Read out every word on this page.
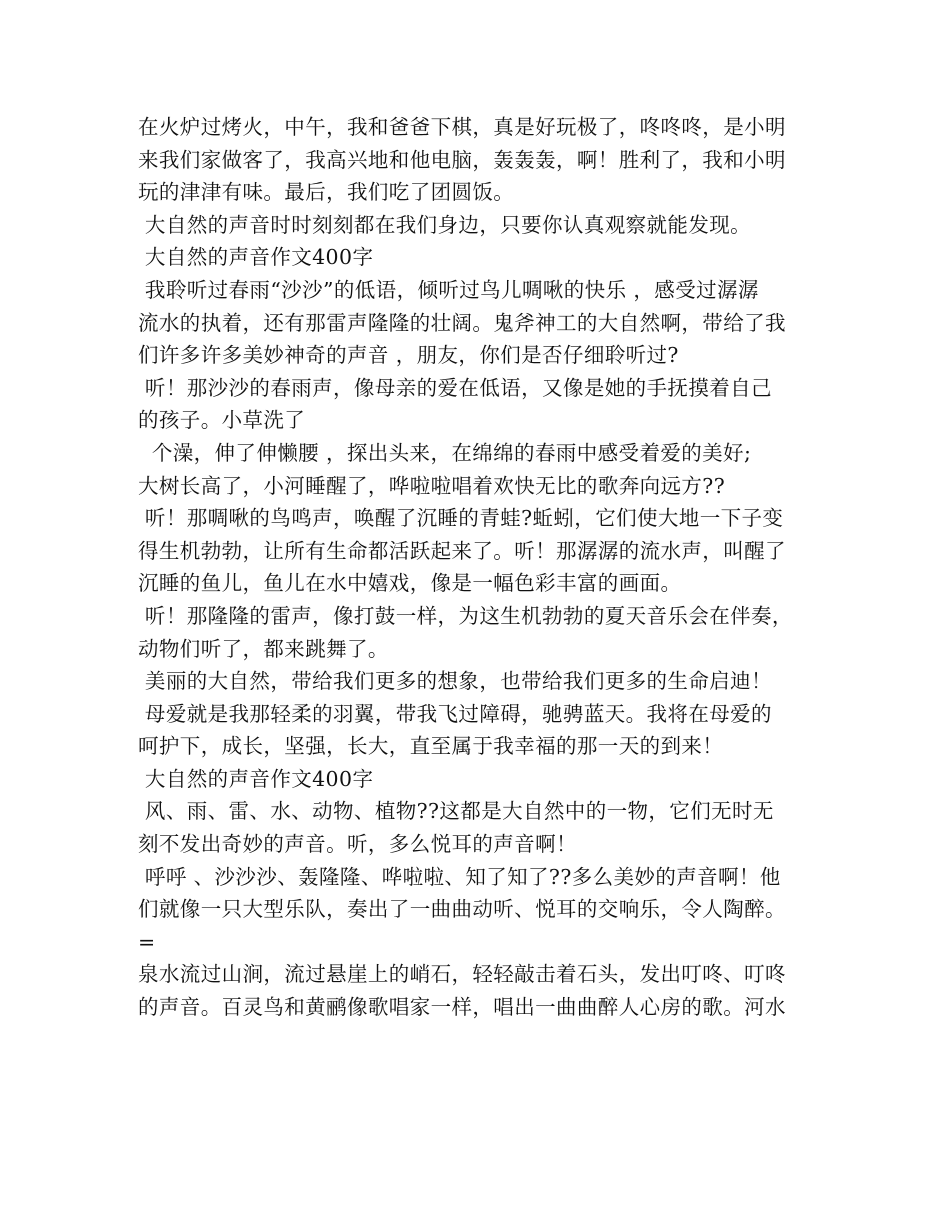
在火炉过烤火，中午，我和爸爸下棋，真是好玩极了，咚咚咚，是小明
来我们家做客了，我高兴地和他电脑，轰轰轰，啊！胜利了，我和小明
玩的津津有味。最后，我们吃了团圆饭。
大自然的声音时时刻刻都在我们身边，只要你认真观察就能发现。
大自然的声音作文400字
我聆听过春雨“沙沙”的低语，倾听过鸟儿啁啾的快乐 ，感受过潺潺
流水的执着，还有那雷声隆隆的壮阔。鬼斧神工的大自然啊，带给了我
们许多许多美妙神奇的声音 ，朋友，你们是否仔细聆听过?
听！那沙沙的春雨声，像母亲的爱在低语，又像是她的手抚摸着自己
的孩子。小草洗了
个澡，伸了伸懒腰 ，探出头来，在绵绵的春雨中感受着爱的美好;
大树长高了，小河睡醒了，哗啦啦唱着欢快无比的歌奔向远方??
听！那啁啾的鸟鸣声，唤醒了沉睡的青蛙?蚯蚓，它们使大地一下子变
得生机勃勃，让所有生命都活跃起来了。听！那潺潺的流水声，叫醒了
沉睡的鱼儿，鱼儿在水中嬉戏，像是一幅色彩丰富的画面。
听！那隆隆的雷声，像打鼓一样，为这生机勃勃的夏天音乐会在伴奏，
动物们听了，都来跳舞了。
美丽的大自然，带给我们更多的想象，也带给我们更多的生命启迪！
母爱就是我那轻柔的羽翼，带我飞过障碍，驰骋蓝天。我将在母爱的
呵护下，成长，坚强，长大，直至属于我幸福的那一天的到来！
大自然的声音作文400字
风、雨、雷、水、动物、植物??这都是大自然中的一物，它们无时无
刻不发出奇妙的声音。听，多么悦耳的声音啊！
呼呼 、沙沙沙、轰隆隆、哗啦啦、知了知了??多么美妙的声音啊！他
们就像一只大型乐队，奏出了一曲曲动听、悦耳的交响乐，令人陶醉。
=
泉水流过山涧，流过悬崖上的峭石，轻轻敲击着石头，发出叮咚、叮咚
的声音。百灵鸟和黄鹂像歌唱家一样，唱出一曲曲醉人心房的歌。河水
